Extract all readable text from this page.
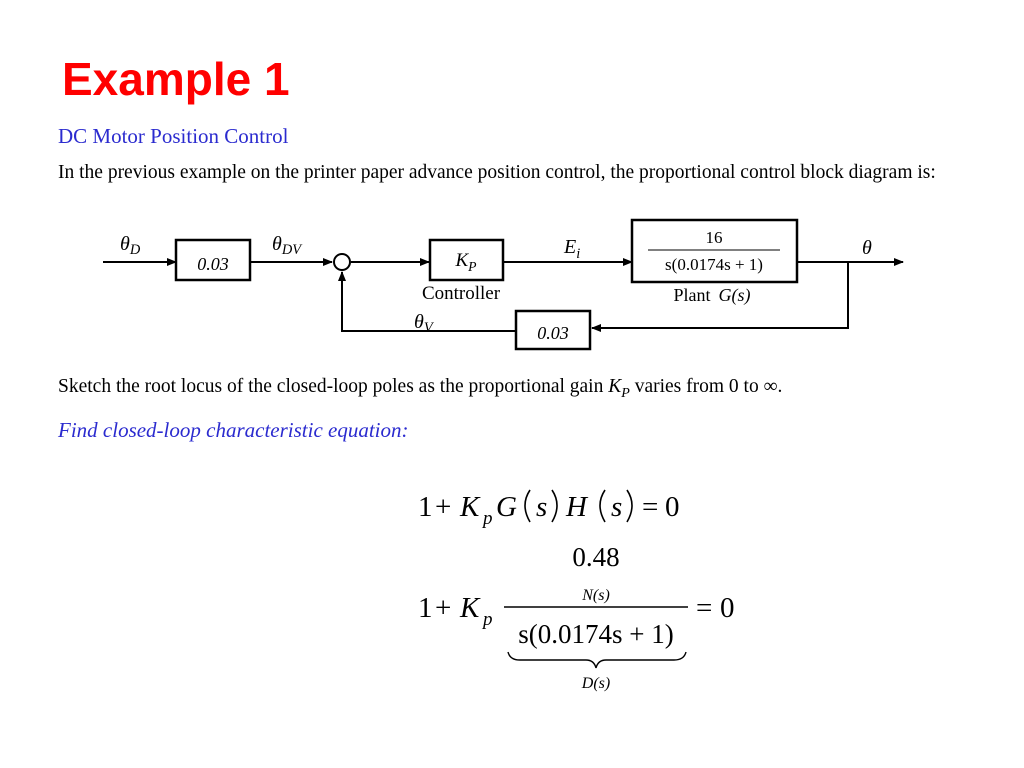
Example 1
DC Motor Position Control
In the previous example on the printer paper advance position control, the proportional control block diagram is:
0.03	$K_P$
Controller
16
s(0.0174s + 1)
Plant G(s)
0.03
$\theta_D$	$\theta_{DV}$	$E_i$	θ
$\theta_V$
Sketch the root locus of the closed-loop poles as the proportional gain $K_P$ varies from 0 to ∞.
Find closed-loop characteristic equation:
1 + K p G s H s = 0
0.48
N(s)
1 + K p s(0.0174s + 1)
D(s)
= 0
